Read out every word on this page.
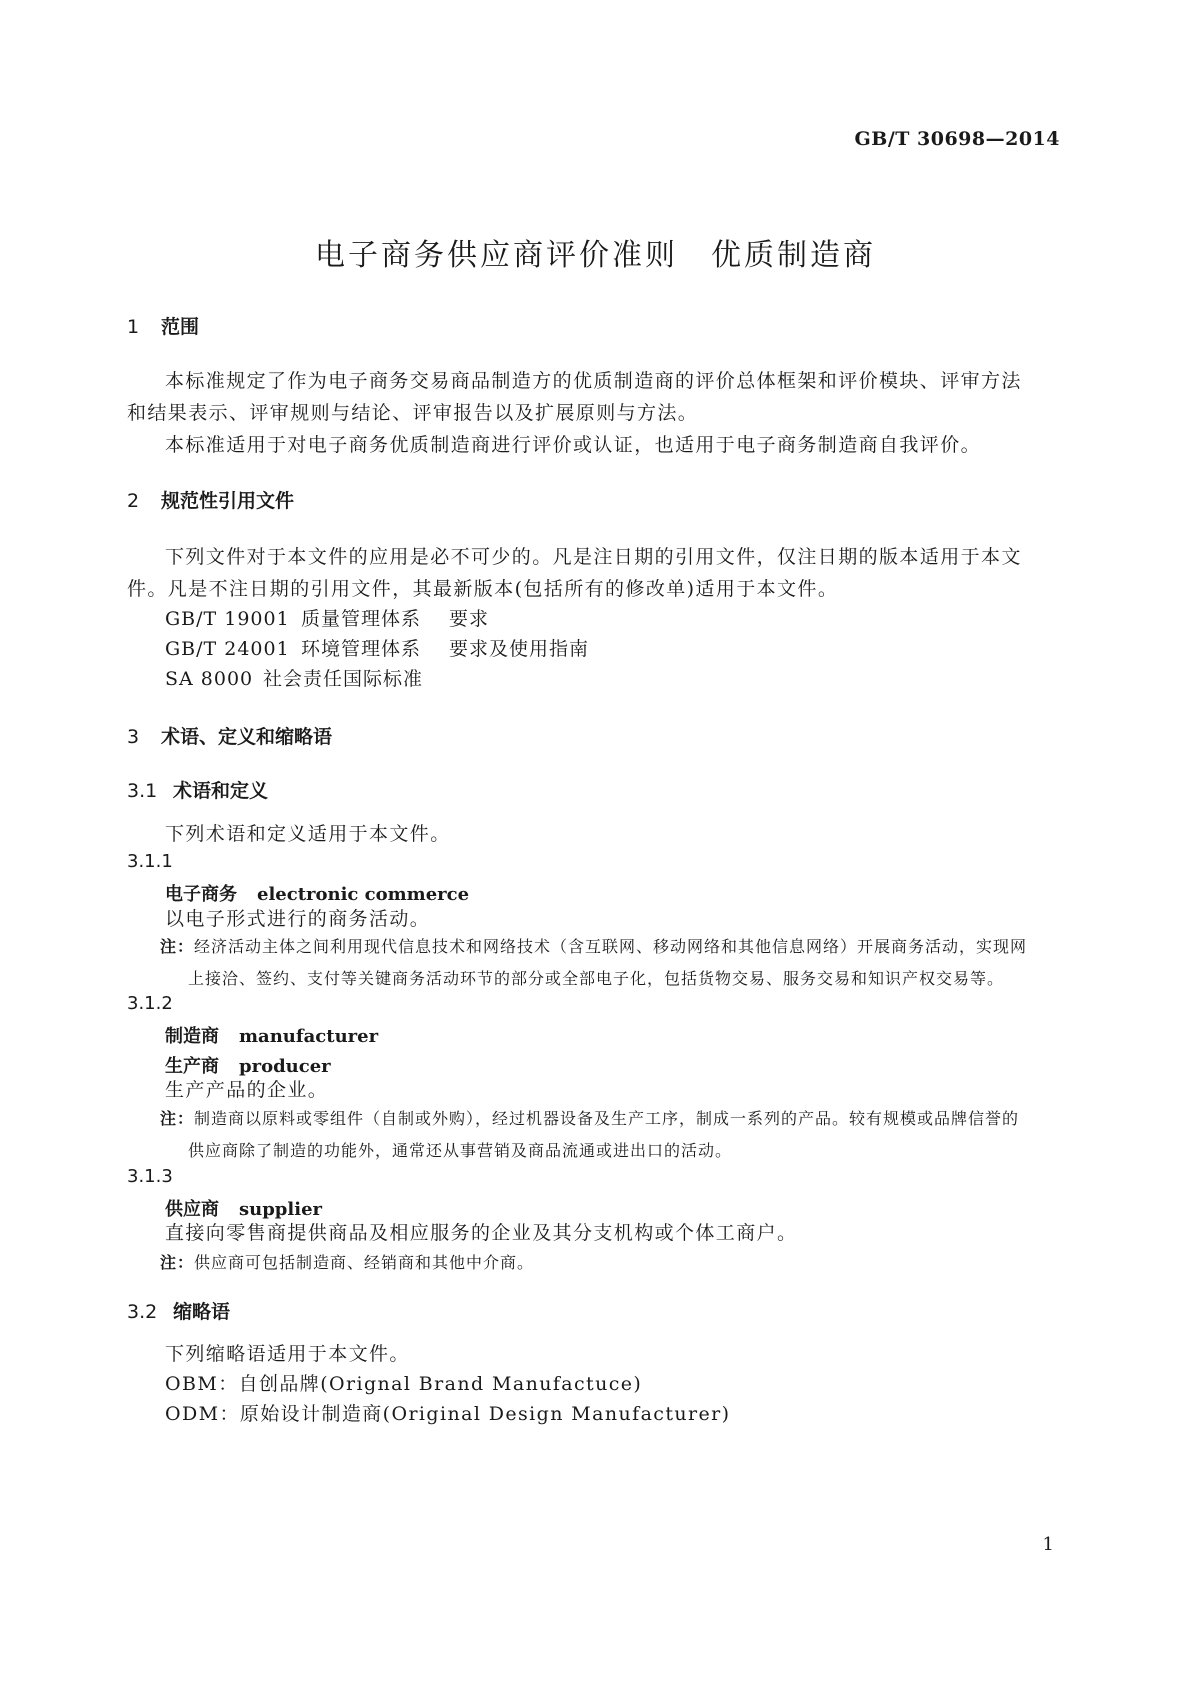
GB/T 30698—2014
电子商务供应商评价准则　优质制造商
1 范围

本标准规定了作为电子商务交易商品制造方的优质制造商的评价总体框架和评价模块、评审方法

和结果表示、评审规则与结论、评审报告以及扩展原则与方法。

本标准适用于对电子商务优质制造商进行评价或认证，也适用于电子商务制造商自我评价。

2 规范性引用文件

下列文件对于本文件的应用是必不可少的。凡是注日期的引用文件，仅注日期的版本适用于本文

件。凡是不注日期的引用文件，其最新版本(包括所有的修改单)适用于本文件。

GB/T 19001 质量管理体系 要求
GB/T 24001 环境管理体系 要求及使用指南
SA 8000 社会责任国际标准
3 术语、定义和缩略语
3.1 术语和定义
下列术语和定义适用于本文件。
3.1.1
电子商务 electronic commerce
以电子形式进行的商务活动。
注：经济活动主体之间利用现代信息技术和网络技术（含互联网、移动网络和其他信息网络）开展商务活动，实现网
上接洽、签约、支付等关键商务活动环节的部分或全部电子化，包括货物交易、服务交易和知识产权交易等。
3.1.2
制造商 manufacturer
生产商 producer
生产产品的企业。
注：制造商以原料或零组件（自制或外购），经过机器设备及生产工序，制成一系列的产品。较有规模或品牌信誉的
供应商除了制造的功能外，通常还从事营销及商品流通或进出口的活动。
3.1.3
供应商 supplier
直接向零售商提供商品及相应服务的企业及其分支机构或个体工商户。
注：供应商可包括制造商、经销商和其他中介商。
3.2 缩略语
下列缩略语适用于本文件。
OBM：自创品牌(Orignal Brand Manufactuce)
ODM：原始设计制造商(Original Design Manufacturer)
1
